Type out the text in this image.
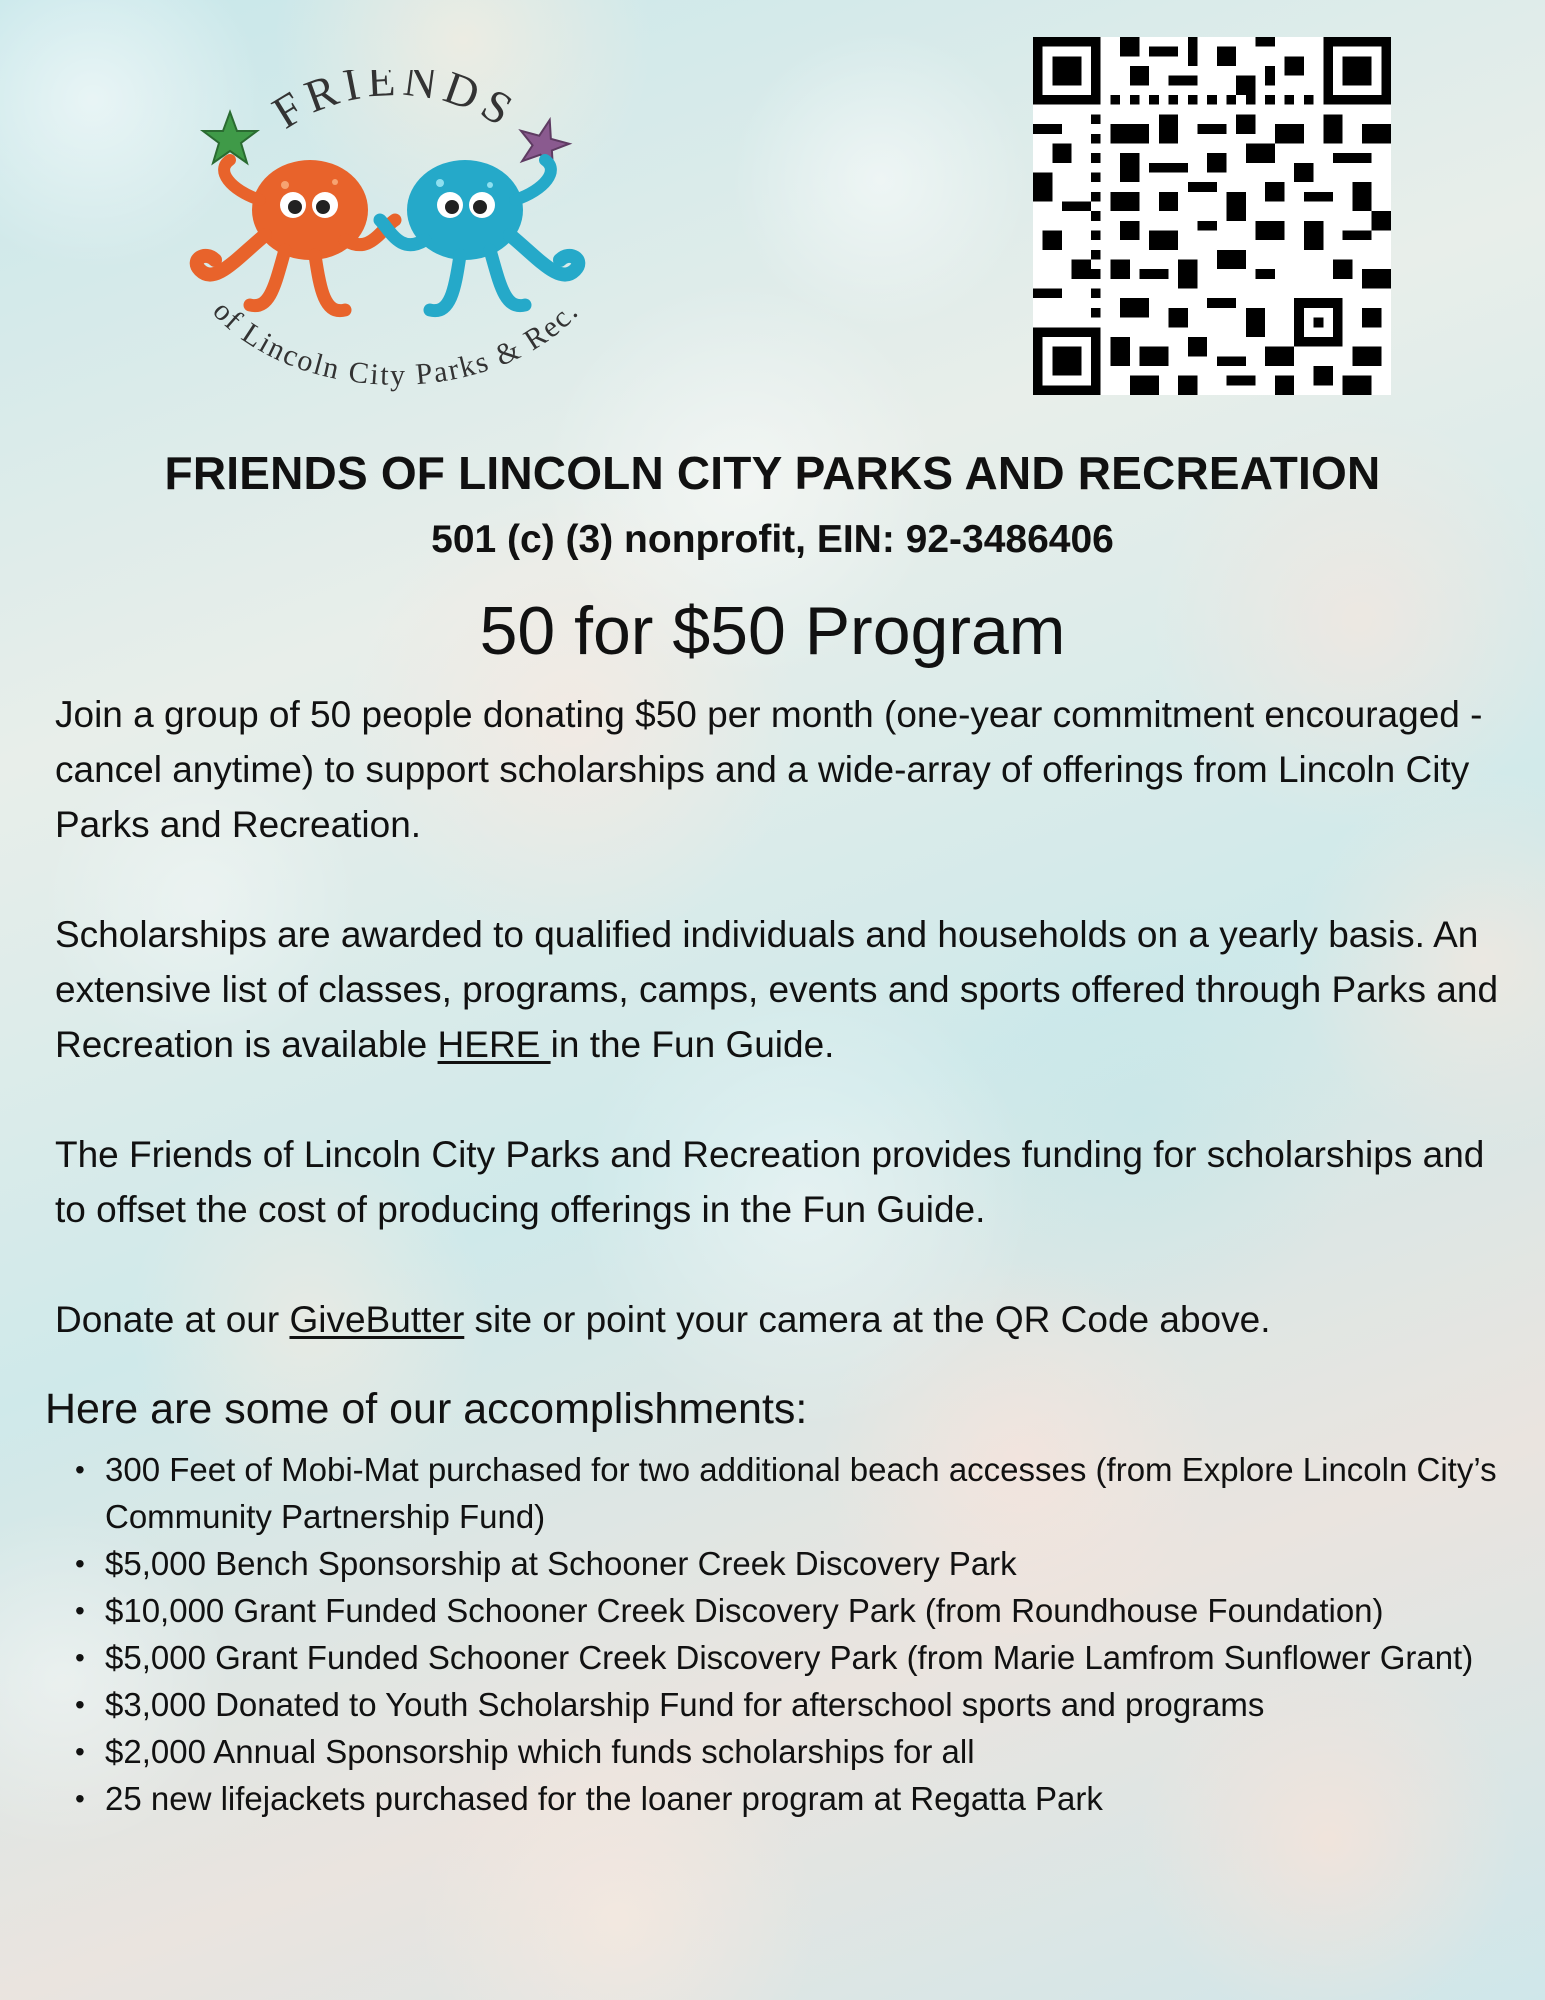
FRIENDS
of Lincoln City Parks & Rec.
FRIENDS OF LINCOLN CITY PARKS AND RECREATION
501 (c) (3) nonprofit, EIN: 92-3486406
50 for $50 Program

Join a group of 50 people donating $50 per month (one-year commitment encouraged - cancel anytime) to support scholarships and a wide-array of offerings from Lincoln City Parks and Recreation.

Scholarships are awarded to qualified individuals and households on a yearly basis. An extensive list of classes, programs, camps, events and sports offered through Parks and Recreation is available HERE in the Fun Guide.

The Friends of Lincoln City Parks and Recreation provides funding for scholarships and to offset the cost of producing offerings in the Fun Guide.

Donate at our GiveButter site or point your camera at the QR Code above.

Here are some of our accomplishments:
• 300 Feet of Mobi-Mat purchased for two additional beach accesses (from Explore Lincoln City’s Community Partnership Fund)
• $5,000 Bench Sponsorship at Schooner Creek Discovery Park
• $10,000 Grant Funded Schooner Creek Discovery Park (from Roundhouse Foundation)
• $5,000 Grant Funded Schooner Creek Discovery Park (from Marie Lamfrom Sunflower Grant)
• $3,000 Donated to Youth Scholarship Fund for afterschool sports and programs
• $2,000 Annual Sponsorship which funds scholarships for all
• 25 new lifejackets purchased for the loaner program at Regatta Park
